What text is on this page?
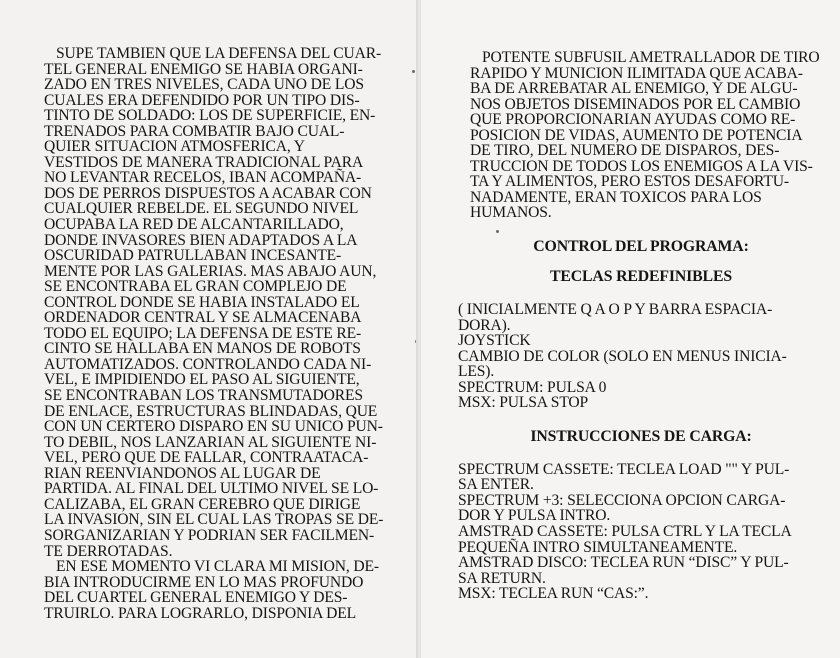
SUPE TAMBIEN QUE LA DEFENSA DEL CUAR-
TEL GENERAL ENEMIGO SE HABIA ORGANI-
ZADO EN TRES NIVELES, CADA UNO DE LOS
CUALES ERA DEFENDIDO POR UN TIPO DIS-
TINTO DE SOLDADO: LOS DE SUPERFICIE, EN-
TRENADOS PARA COMBATIR BAJO CUAL-
QUIER SITUACION ATMOSFERICA, Y
VESTIDOS DE MANERA TRADICIONAL PARA
NO LEVANTAR RECELOS, IBAN ACOMPAÑA-
DOS DE PERROS DISPUESTOS A ACABAR CON
CUALQUIER REBELDE. EL SEGUNDO NIVEL
OCUPABA LA RED DE ALCANTARILLADO,
DONDE INVASORES BIEN ADAPTADOS A LA
OSCURIDAD PATRULLABAN INCESANTE-
MENTE POR LAS GALERIAS. MAS ABAJO AUN,
SE ENCONTRABA EL GRAN COMPLEJO DE
CONTROL DONDE SE HABIA INSTALADO EL
ORDENADOR CENTRAL Y SE ALMACENABA
TODO EL EQUIPO; LA DEFENSA DE ESTE RE-
CINTO SE HALLABA EN MANOS DE ROBOTS
AUTOMATIZADOS. CONTROLANDO CADA NI-
VEL, E IMPIDIENDO EL PASO AL SIGUIENTE,
SE ENCONTRABAN LOS TRANSMUTADORES
DE ENLACE, ESTRUCTURAS BLINDADAS, QUE
CON UN CERTERO DISPARO EN SU UNICO PUN-
TO DEBIL, NOS LANZARIAN AL SIGUIENTE NI-
VEL, PERO QUE DE FALLAR, CONTRAATACA-
RIAN REENVIANDONOS AL LUGAR DE
PARTIDA. AL FINAL DEL ULTIMO NIVEL SE LO-
CALIZABA, EL GRAN CEREBRO QUE DIRIGE
LA INVASION, SIN EL CUAL LAS TROPAS SE DE-
SORGANIZARIAN Y PODRIAN SER FACILMEN-
TE DERROTADAS.

EN ESE MOMENTO VI CLARA MI MISION, DE-
BIA INTRODUCIRME EN LO MAS PROFUNDO
DEL CUARTEL GENERAL ENEMIGO Y DES-
TRUIRLO. PARA LOGRARLO, DISPONIA DEL

POTENTE SUBFUSIL AMETRALLADOR DE TIRO
RAPIDO Y MUNICION ILIMITADA QUE ACABA-
BA DE ARREBATAR AL ENEMIGO, Y DE ALGU-
NOS OBJETOS DISEMINADOS POR EL CAMBIO
QUE PROPORCIONARIAN AYUDAS COMO RE-
POSICION DE VIDAS, AUMENTO DE POTENCIA
DE TIRO, DEL NUMERO DE DISPAROS, DES-
TRUCCION DE TODOS LOS ENEMIGOS A LA VIS-
TA Y ALIMENTOS, PERO ESTOS DESAFORTU-
NADAMENTE, ERAN TOXICOS PARA LOS
HUMANOS.

CONTROL DEL PROGRAMA:
TECLAS REDEFINIBLES

( INICIALMENTE Q A O P Y BARRA ESPACIA-
DORA).

JOYSTICK
CAMBIO DE COLOR (SOLO EN MENUS INICIA-
LES).
SPECTRUM: PULSA 0
MSX: PULSA STOP

INSTRUCCIONES DE CARGA:

SPECTRUM CASSETE: TECLEA LOAD "" Y PUL-
SA ENTER.
SPECTRUM +3: SELECCIONA OPCION CARGA-
DOR Y PULSA INTRO.
AMSTRAD CASSETE: PULSA CTRL Y LA TECLA
PEQUEÑA INTRO SIMULTANEAMENTE.
AMSTRAD DISCO: TECLEA RUN “DISC” Y PUL-
SA RETURN.
MSX: TECLEA RUN “CAS:”.
